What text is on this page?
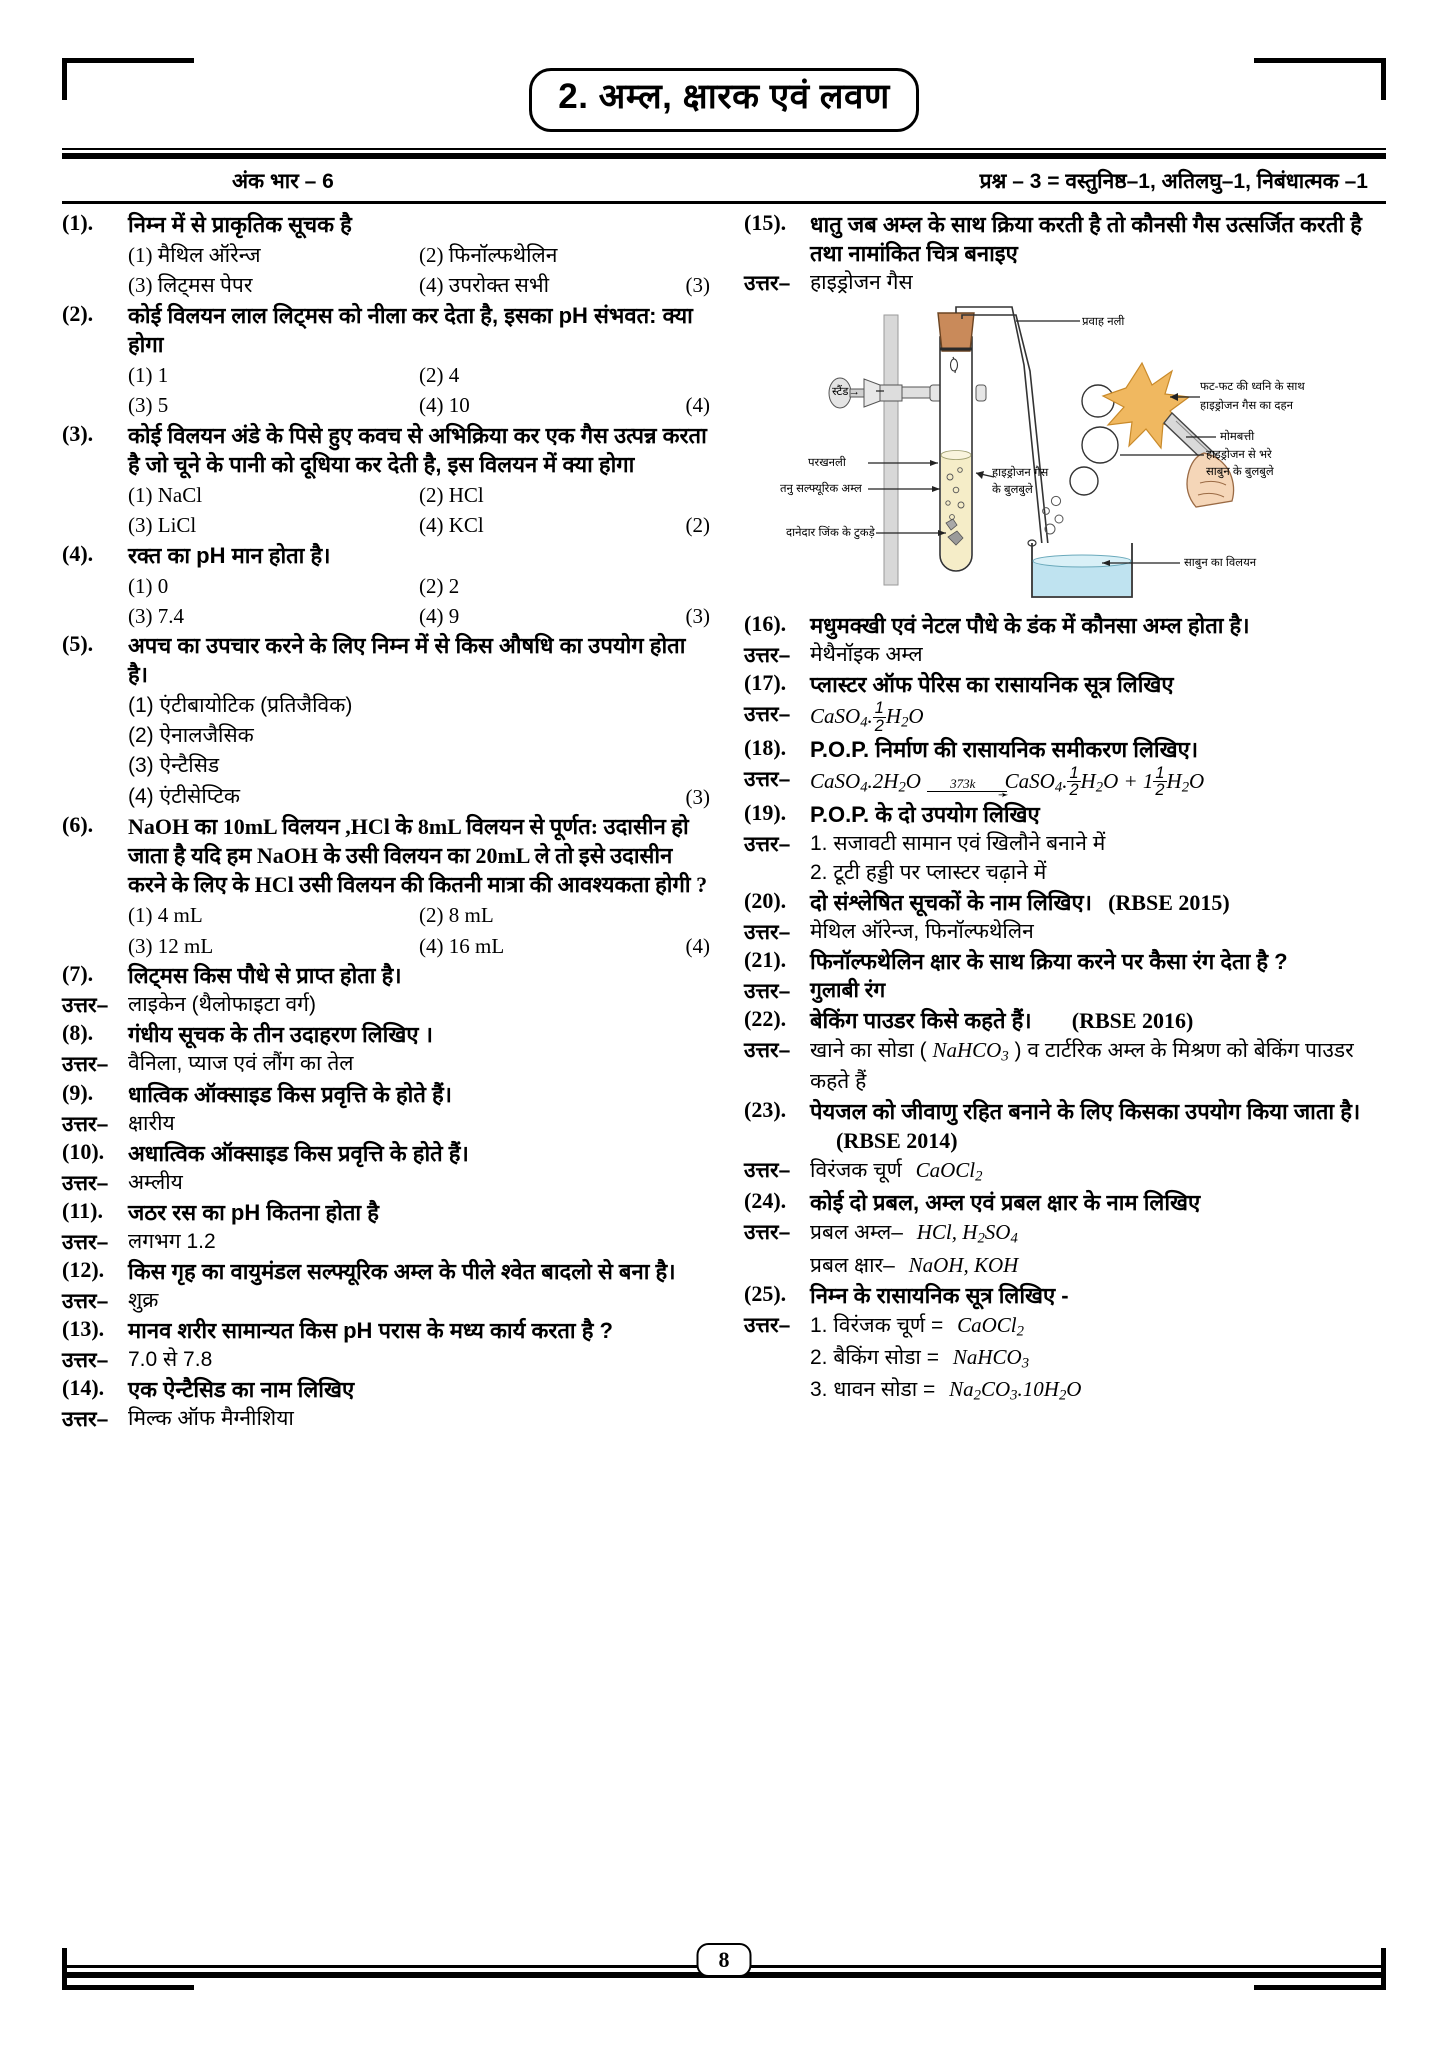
2. अम्ल, क्षारक एवं लवण
अंक भार – 6	प्रश्न – 3 = वस्तुनिष्ठ–1, अतिलघु–1, निबंधात्मक –1
(1).	निम्न में से प्राकृतिक सूचक है
(1) मैथिल ऑरेन्ज	(2) फिनॉल्फथेलिन
(3) लिट्मस पेपर	(4) उपरोक्त सभी	(3)
(2).	कोई विलयन लाल लिट्मस को नीला कर देता है, इसका pH संभवत: क्या होगा
(1) 1	(2) 4
(3) 5	(4) 10	(4)
(3).	कोई विलयन अंडे के पिसे हुए कवच से अभिक्रिया कर एक गैस उत्पन्न करता है जो चूने के पानी को दूधिया कर देती है, इस विलयन में क्या होगा
(1) NaCl	(2) HCl
(3) LiCl	(4) KCl	(2)
(4).	रक्त का pH मान होता है।
(1) 0	(2) 2
(3) 7.4	(4) 9	(3)
(5).	अपच का उपचार करने के लिए निम्न में से किस औषधि का उपयोग होता है।
(1) एंटीबायोटिक (प्रतिजैविक)
(2) ऐनालजैसिक
(3) ऐन्टैसिड
(4) एंटीसेप्टिक	(3)
(6).	NaOH का 10mL विलयन ,HCl के 8mL विलयन से पूर्णत: उदासीन हो जाता है यदि हम NaOH के उसी विलयन का 20mL ले तो इसे उदासीन करने के लिए के HCl उसी विलयन की कितनी मात्रा की आवश्यकता होगी ?
(1) 4 mL	(2) 8 mL
(3) 12 mL	(4) 16 mL	(4)
(7).	लिट्मस किस पौधे से प्राप्त होता है।
उत्तर– लाइकेन (थैलोफाइटा वर्ग)
(8).	गंधीय सूचक के तीन उदाहरण लिखिए ।
उत्तर– वैनिला, प्याज एवं लौंग का तेल
(9).	धात्विक ऑक्साइड किस प्रवृत्ति के होते हैं।
उत्तर– क्षारीय
(10).	अधात्विक ऑक्साइड किस प्रवृत्ति के होते हैं।
उत्तर– अम्लीय
(11).	जठर रस का pH कितना होता है
उत्तर– लगभग 1.2
(12).	किस गृह का वायुमंडल सल्फ्यूरिक अम्ल के पीले श्वेत बादलो से बना है।
उत्तर– शुक्र
(13).	मानव शरीर सामान्यत किस pH परास के मध्य कार्य करता है ?
उत्तर– 7.0 से 7.8
(14).	एक ऐन्टैसिड का नाम लिखिए
उत्तर– मिल्क ऑफ मैग्नीशिया
(15).	धातु जब अम्ल के साथ क्रिया करती है तो कौनसी गैस उत्सर्जित करती है तथा नामांकित चित्र बनाइए
उत्तर– हाइड्रोजन गैस
प्रवाह नली
स्टैंड→
परखनली
तनु सल्फ्यूरिक अम्ल
दानेदार जिंक के टुकड़े
हाइड्रोजन गैस के बुलबुले
फट-फट की ध्वनि के साथ
हाइड्रोजन गैस का दहन
मोमबत्ती
हाइड्रोजन से भरे साबुन के बुलबुले
साबुन का विलयन
(16).	मधुमक्खी एवं नेटल पौधे के डंक में कौनसा अम्ल होता है।
उत्तर– मेथैनॉइक अम्ल
(17).	प्लास्टर ऑफ पेरिस का रासायनिक सूत्र लिखिए
उत्तर– CaSO$_4$. $\frac{1}{2} H_2O$
(18).	P.O.P. निर्माण की रासायनिक समीकरण लिखिए।
उत्तर– $CaSO_4.2H_2O$ 373k
➛
CaSO$_4$. $\frac{1}{2} H_2O + 1 \frac{1}{2} H_2O$
(19).	P.O.P. के दो उपयोग लिखिए
उत्तर– 1. सजावटी सामान एवं खिलौने बनाने में
2. टूटी हड्डी पर प्लास्टर चढ़ाने में
(20).	दो संश्लेषित सूचकों के नाम लिखिए। (RBSE 2015)
उत्तर– मेथिल ऑरेन्ज, फिनॉल्फथेलिन
(21).	फिनॉल्फथेलिन क्षार के साथ क्रिया करने पर कैसा रंग देता है ?
उत्तर– गुलाबी रंग
(22).	बेकिंग पाउडर किसे कहते हैं। (RBSE 2016)
उत्तर– खाने का सोडा ( NaHCO$_3$ ) व टार्टरिक अम्ल के मिश्रण को बेकिंग पाउडर कहते हैं
(23).	पेयजल को जीवाणु रहित बनाने के लिए किसका उपयोग किया जाता है। (RBSE 2014)
उत्तर– विरंजक चूर्ण CaOCl$_2$
(24).	कोई दो प्रबल, अम्ल एवं प्रबल क्षार के नाम लिखिए
उत्तर– प्रबल अम्ल– HCl, $H_2SO_4$
प्रबल क्षार– NaOH, KOH
(25).	निम्न के रासायनिक सूत्र लिखिए -
उत्तर– 1. विरंजक चूर्ण = CaOCl$_2$
2. बैकिंग सोडा = NaHCO$_3$
3. धावन सोडा = $Na_2CO_3.10H_2O$
8
